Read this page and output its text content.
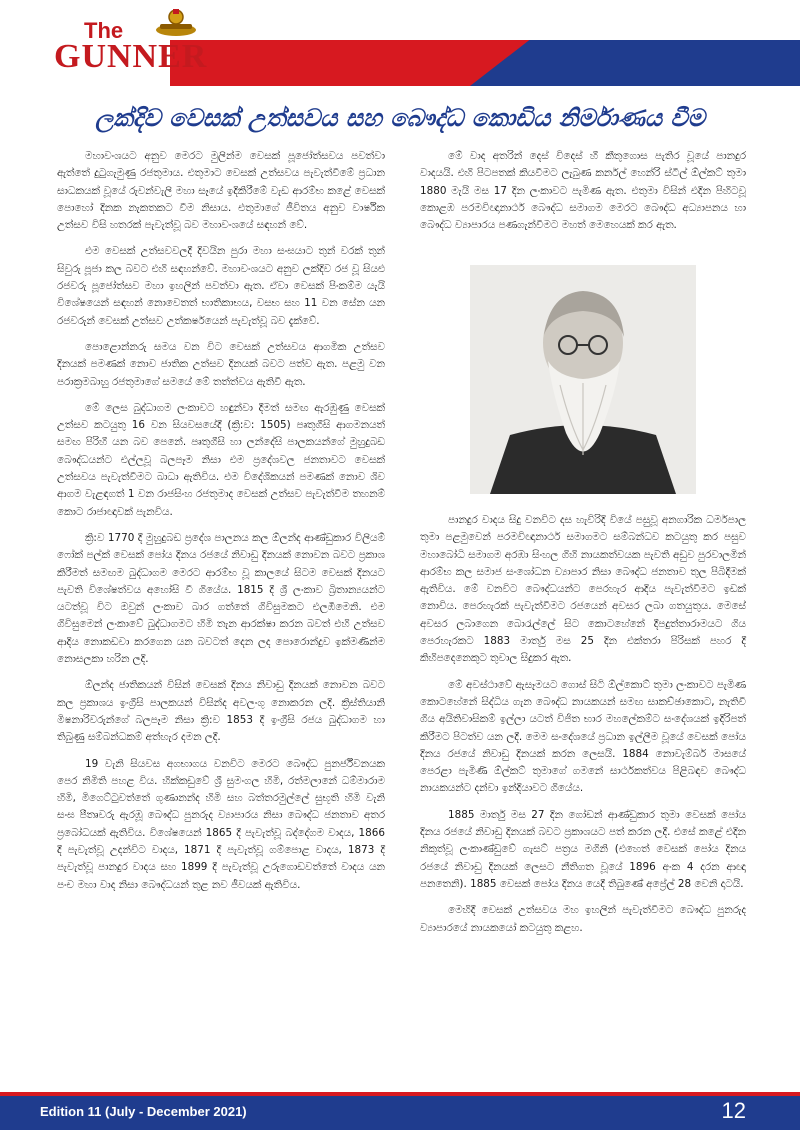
The
GUNNER
ලක්දිව වෙසක් උත්සවය සහ බෞද්ධ කොඩිය නිර්මාණය වීම

මහාවංශයට අනුව මෙරට මුලින්ම වෙසක් පූජෝත්සවය පවත්වා ඇත්තේ දුටුගැමුණු රජතුමාය. එතුමාට වෙසක් උත්සවය පැවැත්වීමේ ප්‍රධාන සාධකයක් වූයේ රුවන්වැලි මහා සෑයේ ඉදිකිරීමේ වැඩ ආරම්භ කළේ වෙසක් පොහෝ දිනක නැකතකට වීම නිසාය. එතුමාගේ ජීවිතය අනුව වාර්ෂික උත්සව විසි හතරක් පැවැත්වූ බව මහාවංශයේ සඳහන් වේ.

එම වෙසක් උත්සවවලදී දිවයින පුරා මහා සංඝයාට තුන් වරක් තුන් සිවුරු පූජා කල බවට එහි සඳහන්වේ. මහාවංශයට අනුව ලක්දිව රජ වූ සියළු රජවරු පූජෝත්සව මහා ඉහලින් පවත්වා ඇත. ඒවා වෙසක් පිංකම්ම යැයි විශේෂයෙන් සඳහන් නොවෙතත් භාතිකාභය, වසභ සහ 11 වන සේන යන රජවරුන් වෙසක් උත්සව උත්කර්ෂයෙන් පැවැත්වූ බව දැක්වේ.

පොළොන්නරු සමය වන විට වෙසක් උත්සවය ආගමික උත්සව දිනයක් පමණක් නොව ජාතික උත්සව දිනයක් බවට පත්ව ඇත. පළමු වන පරාක්‍රමබාහු රජතුමාගේ සමයේ මේ තත්ත්වය ඇතිවී ඇත.

මේ ලෙස බුද්ධාගම ලංකාවට හඳුන්වා දීමත් සමඟ ඇරඹුණු වෙසක් උත්සව කටයුතු 16 වන සියවසයේදී (ක්‍රි:ව: 1505) පෘතුගීසි ආගමනයත් සමඟ පිරිහී යන බව පෙනේ. පෘතුගීසි හා ලන්දේසි පාලකයන්ගේ මුහුදුබඩ බෞද්ධයන්ට එල්ලවූ බලපෑම නිසා එම ප්‍රදේශවල ජනතාවට වෙසක් උත්සවය පැවැත්වීමට බාධා ඇතිවිය. එම විදේශිකයන් පමණක් නොව ශිව ආගම වැළඳගත් 1 වන රාජසිංහ රජතුමාද වෙසක් උත්සව පැවැත්වීම තහනම් කොට රාජාඥාවක් පැනවිය.

ක්‍රි:ව 1770 දී මුහුදුබඩ ප්‍රදේශ පාලනය කල ඕලන්ද ආණ්ඩුකාර විලියම් ෆෝක් පල්ක් වෙසක් පෝය දිනය රජයේ නිවාඩු දිනයක් නොවන බවට ප්‍රකාශ කිරීමත් සමඟම බුද්ධාගම මෙරට ආරම්භ වූ කාලයේ සිටම වෙසක් දිනයට පැවති විශේෂත්වය අහෝසි වී ගියේය. 1815 දී ශ්‍රී ලංකාව බ්‍රිතාන්‍යයන්ට යටත්වූ විට ඔවුන් ලංකාව බාර ගත්තේ ගිවිසුමකට එලඹීමෙනි. එම ගිවිසුමෙන් ලංකාවේ බුද්ධාගමට හිමි තැන ආරක්ෂා කරන බවත් එහි උත්සව ආදිය නොකඩවා කරගෙන යන බවටත් දෙන ලද පොරොන්දුව ඉක්මණින්ම නොසලකා හරින ලදි.

ඕලන්ද ජාතිකයන් විසින් වෙසක් දිනය නිවාඩු දිනයක් නොවන බවට කල ප්‍රකාශය ඉංග්‍රීසි පාලකයන් විසින්ද අවලංගු නොකරන ලදි. ක්‍රිස්තියානි මිෂනාරිවරුන්ගේ බලපෑම නිසා ක්‍රි:ව 1853 දී ඉංග්‍රීසි රජය බුද්ධාගම හා තිබුණු සම්බන්ධකම් අත්හැර දමන ලදී.

19 වැනි සියවස අගභාගය වනවිට මෙරට බෞද්ධ පුනර්ජීවනයක පෙර නිමිති පහළ විය. හික්කඩුවේ ශ්‍රී සුමංගල හිමි, රත්මලානේ ධම්මාරාම හිමි, මිගෙට්ටුවත්තේ ගුණානන්ද හිමි සහ බත්තරමුල්ලේ සුභූති හිමි වැනි සංඝ පීතෘවරු ඇරඹූ බෞද්ධ පුනරුද ව්‍යාපාරය නිසා බෞද්ධ ජනතාව අතර ප්‍රබෝධයක් ඇතිවිය. විශේෂයෙන් 1865 දී පැවැත්වූ බද්දේගම වාදය, 1866 දී පැවැත්වූ උදන්විට වාදය, 1871 දී පැවැත්වූ ගම්පොළ වාදය, 1873 දී පැවැත්වූ පානදුර වාදය සහ 1899 දී පැවැත්වූ උරුගොඩවත්තේ වාදය යන පංච මහා වාද නිසා බෞද්ධයන් තුළ නව ජීවයක් ඇතිවිය.

මේ වාද අතරින් දෙස් විදෙස් හී කීතුගොස පැතිර වූයේ පානදුර වාදයයි. එහි පිටපතක් කියවීමට ලැබුණ කර්නල් හෙන්රි ස්ටීල් ඕල්කට් තුමා 1880 මැයි මස 17 දින ලංකාවට පැමිණ ඇත. එතුමා විසින් එදින පිහිටවූ කොළඹ පරමවිඥානාර්ථ බෞද්ධ සමාගම මෙරට බෞද්ධ අධ්‍යාපනය හා බෞද්ධ ව්‍යාපාරය පණගැන්වීමට මහත් මෙහෙයක් කර ඇත.

පානදුර වාදය සිදු වනවිට දස හැවිරිදි වියේ පසුවූ අනගාරික ධර්මපාල තුමා පළමුවෙන් පරමවිඥානාර්ථ සමාගමට සම්බන්ධව කටයුතු කර පසුව මහාබෝධි සමාගම අරඹා සිංහල ගිහි නායකත්වයක පැවති අඩුව පුරවාලමින් ආරම්භ කල සමාජ සංශෝධන ව්‍යාපාර නිසා බෞද්ධ ජනතාව තුල පිබිදීමක් ඇතිවිය. මේ වනවිට බෞද්ධයන්ට පෙරහැර ආදිය පැවැත්වීමට ඉඩක් නොවිය. පෙරහැරක් පැවැත්වීමට රජයෙන් අවසර ලබා ගතයුතුය. මෙසේ අවසර ලබාගෙන බොරැල්ලේ සිට කොටහේනේ දීපදුත්තාරාමයට ගිය පෙරහැරකට 1883 මාර්තු මස 25 දින එක්තරා පිරිසක් පහර දී කිහිපදෙනෙකුට තුවාල සිදුකර ඇත.

මේ අවස්ථාවේ ඇසෑමයට ගොස් සිටි ඕල්කොට් තුමා ලංකාවට පැමිණ කොටහේනේ සිද්ධිය ගැන බෞද්ධ නායකයන් සමඟ සාකච්ඡාකොට, නැතිවී ගිය අයිතිවාසිකම් ඉල්ලා යටත් විජිත භාර මහලේකම්ට සංදේශයක් ඉදිරිපත් කිරීමට පිටත්ව යන ලදී. මෙම සංදේශයේ ප්‍රධාන ඉල්ලීම වූයේ වෙසක් පෝය දිනය රජයේ නිවාඩු දිනයක් කරන ලෙසයි. 1884 නොවැම්බර් මාසයේ පෙරළා පැමිණි ඕල්කට් තුමාගේ ගමනේ සාර්ථකත්වය පිළිබඳව බෞද්ධ නායකයන්ට දන්වා ඉන්දියාවට ගියේය.

1885 මාර්තු මස 27 දින ගෝඩන් ආණ්ඩුකාර තුමා වෙසක් පෝය දිනය රජයේ නිවාඩු දිනයක් බවට ප්‍රකාශයට පත් කරන ලදී. එසේ කළේ එදින නිකුත්වූ ලංකාණ්ඩුවේ ගැසට් පත්‍රය මගිනි (එහෙත් වෙසක් පෝය දිනය රජයේ නිවාඩු දිනයක් ලෙසට නීතිගත වූයේ 1896 අංක 4 දරන ආඥා පනතෙනි). 1885 වෙසක් පෝය දිනය යෙදී තිබුණේ අප්‍රේල් 28 වෙනි දාටයි.

මෙහිදී වෙසක් උත්සවය මහ ඉහලින් පැවැත්වීමට බෞද්ධ පුනරුද ව්‍යාපාරයේ නායකයෝ කටයුතු කළහ.

Edition 11 (July - December 2021)	12
